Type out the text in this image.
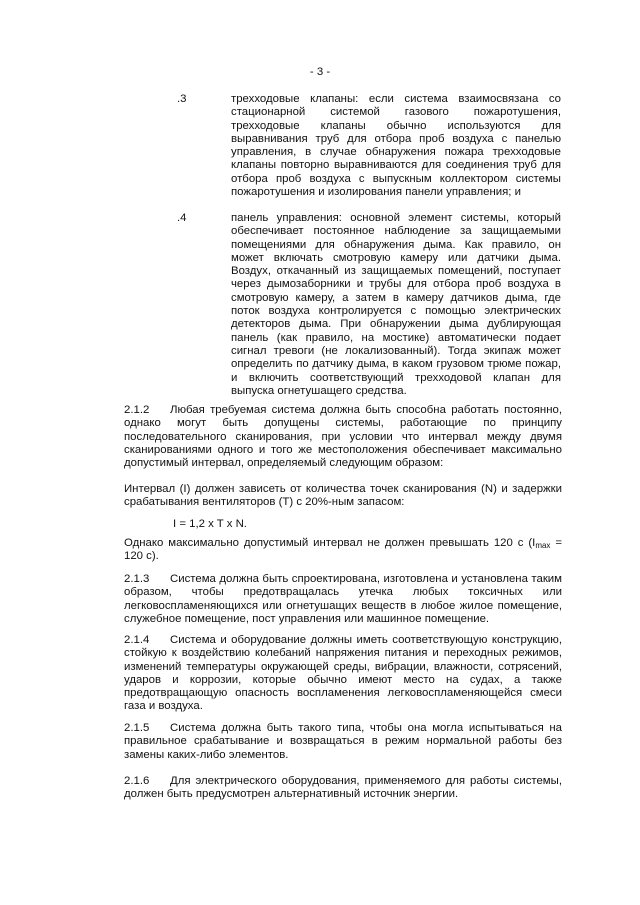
- 3 -
.3	трехходовые клапаны: если система взаимосвязана со стационарной системой газового пожаротушения, трехходовые клапаны обычно используются для выравнивания труб для отбора проб воздуха с панелью управления, в случае обнаружения пожара трехходовые клапаны повторно выравниваются для соединения труб для отбора проб воздуха с выпускным коллектором системы пожаротушения и изолирования панели управления; и
.4	панель управления: основной элемент системы, который обеспечивает постоянное наблюдение за защищаемыми помещениями для обнаружения дыма. Как правило, он может включать смотровую камеру или датчики дыма. Воздух, откачанный из защищаемых помещений, поступает через дымозаборники и трубы для отбора проб воздуха в смотровую камеру, а затем в камеру датчиков дыма, где поток воздуха контролируется с помощью электрических детекторов дыма. При обнаружении дыма дублирующая панель (как правило, на мостике) автоматически подает сигнал тревоги (не локализованный). Тогда экипаж может определить по датчику дыма, в каком грузовом трюме пожар, и включить соответствующий трехходовой клапан для выпуска огнетушащего средства.
2.1.2 Любая требуемая система должна быть способна работать постоянно, однако могут быть допущены системы, работающие по принципу последовательного сканирования, при условии что интервал между двумя сканированиями одного и того же местоположения обеспечивает максимально допустимый интервал, определяемый следующим образом:
Интервал (I) должен зависеть от количества точек сканирования (N) и задержки срабатывания вентиляторов (T) с 20%-ным запасом:
I = 1,2 x T x N.
Однако максимально допустимый интервал не должен превышать 120 с ($I_{max} = 120$ с).
2.1.3 Система должна быть спроектирована, изготовлена и установлена таким образом, чтобы предотвращалась утечка любых токсичных или легковоспламеняющихся или огнетушащих веществ в любое жилое помещение, служебное помещение, пост управления или машинное помещение.
2.1.4 Система и оборудование должны иметь соответствующую конструкцию, стойкую к воздействию колебаний напряжения питания и переходных режимов, изменений температуры окружающей среды, вибрации, влажности, сотрясений, ударов и коррозии, которые обычно имеют место на судах, а также предотвращающую опасность воспламенения легковоспламеняющейся смеси газа и воздуха.
2.1.5 Система должна быть такого типа, чтобы она могла испытываться на правильное срабатывание и возвращаться в режим нормальной работы без замены каких-либо элементов.
2.1.6 Для электрического оборудования, применяемого для работы системы, должен быть предусмотрен альтернативный источник энергии.
